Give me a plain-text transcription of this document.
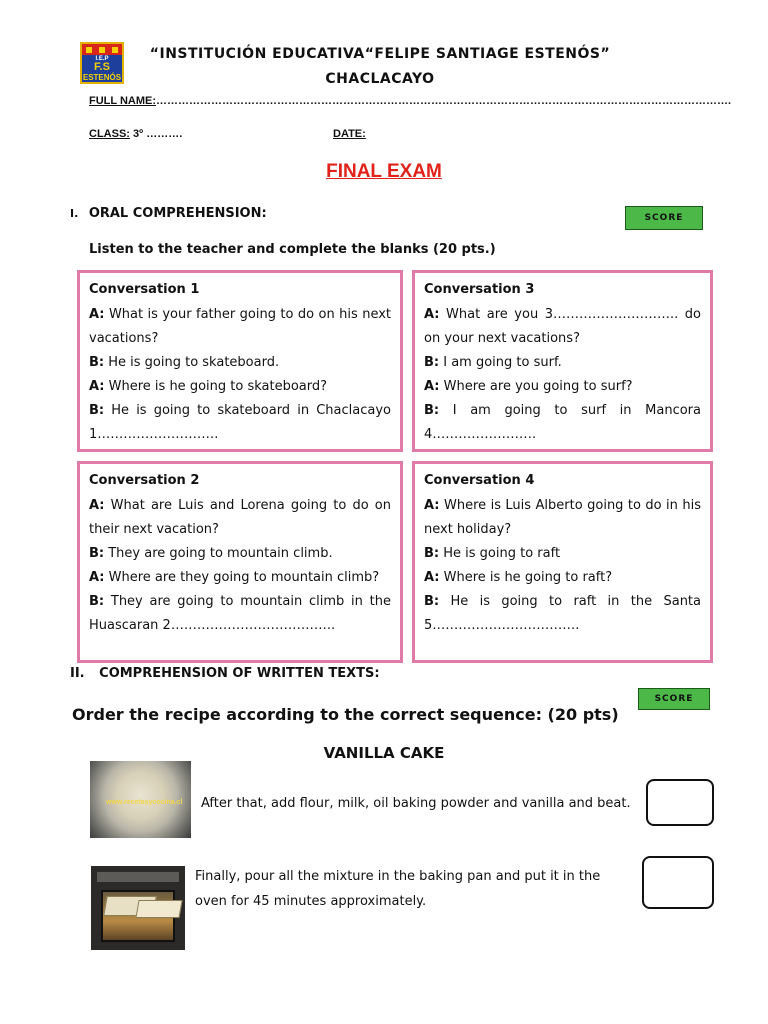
I.E.P
F.S
ESTENÓS
“INSTITUCIÓN EDUCATIVA“FELIPE SANTIAGE ESTENÓS”
CHACLACAYO
FULL NAME:………………………………………………………………………………………………………………………………………….
CLASS: 3º ……….	DATE:
FINAL EXAM
I. ORAL COMPREHENSION:	SCORE
Listen to the teacher and complete the blanks (20 pts.)
Conversation 1

A: What is your father going to do on his next vacations?

B: He is going to skateboard.

A: Where is he going to skateboard?

B: He is going to skateboard in Chaclacayo 1……………………….

Conversation 3

A: What are you 3……………………….. do on your next vacations?

B: I am going to surf.

A: Where are you going to surf?

B: I am going to surf in Mancora 4……………………

Conversation 2

A: What are Luis and Lorena going to do on their next vacation?

B: They are going to mountain climb.

A: Where are they going to mountain climb?

B: They are going to mountain climb in the Huascaran 2………………………………..

Conversation 4

A: Where is Luis Alberto going to do in his next holiday?

B: He is going to raft

A: Where is he going to raft?

B: He is going to raft in the Santa 5…………………………….

II. COMPREHENSION OF WRITTEN TEXTS:
SCORE
Order the recipe according to the correct sequence: (20 pts)
VANILLA CAKE
www.recetasycocina.cl After that, add flour, milk, oil baking powder and vanilla and beat.
Finally, pour all the mixture in the baking pan and put it in the oven for 45 minutes approximately.
